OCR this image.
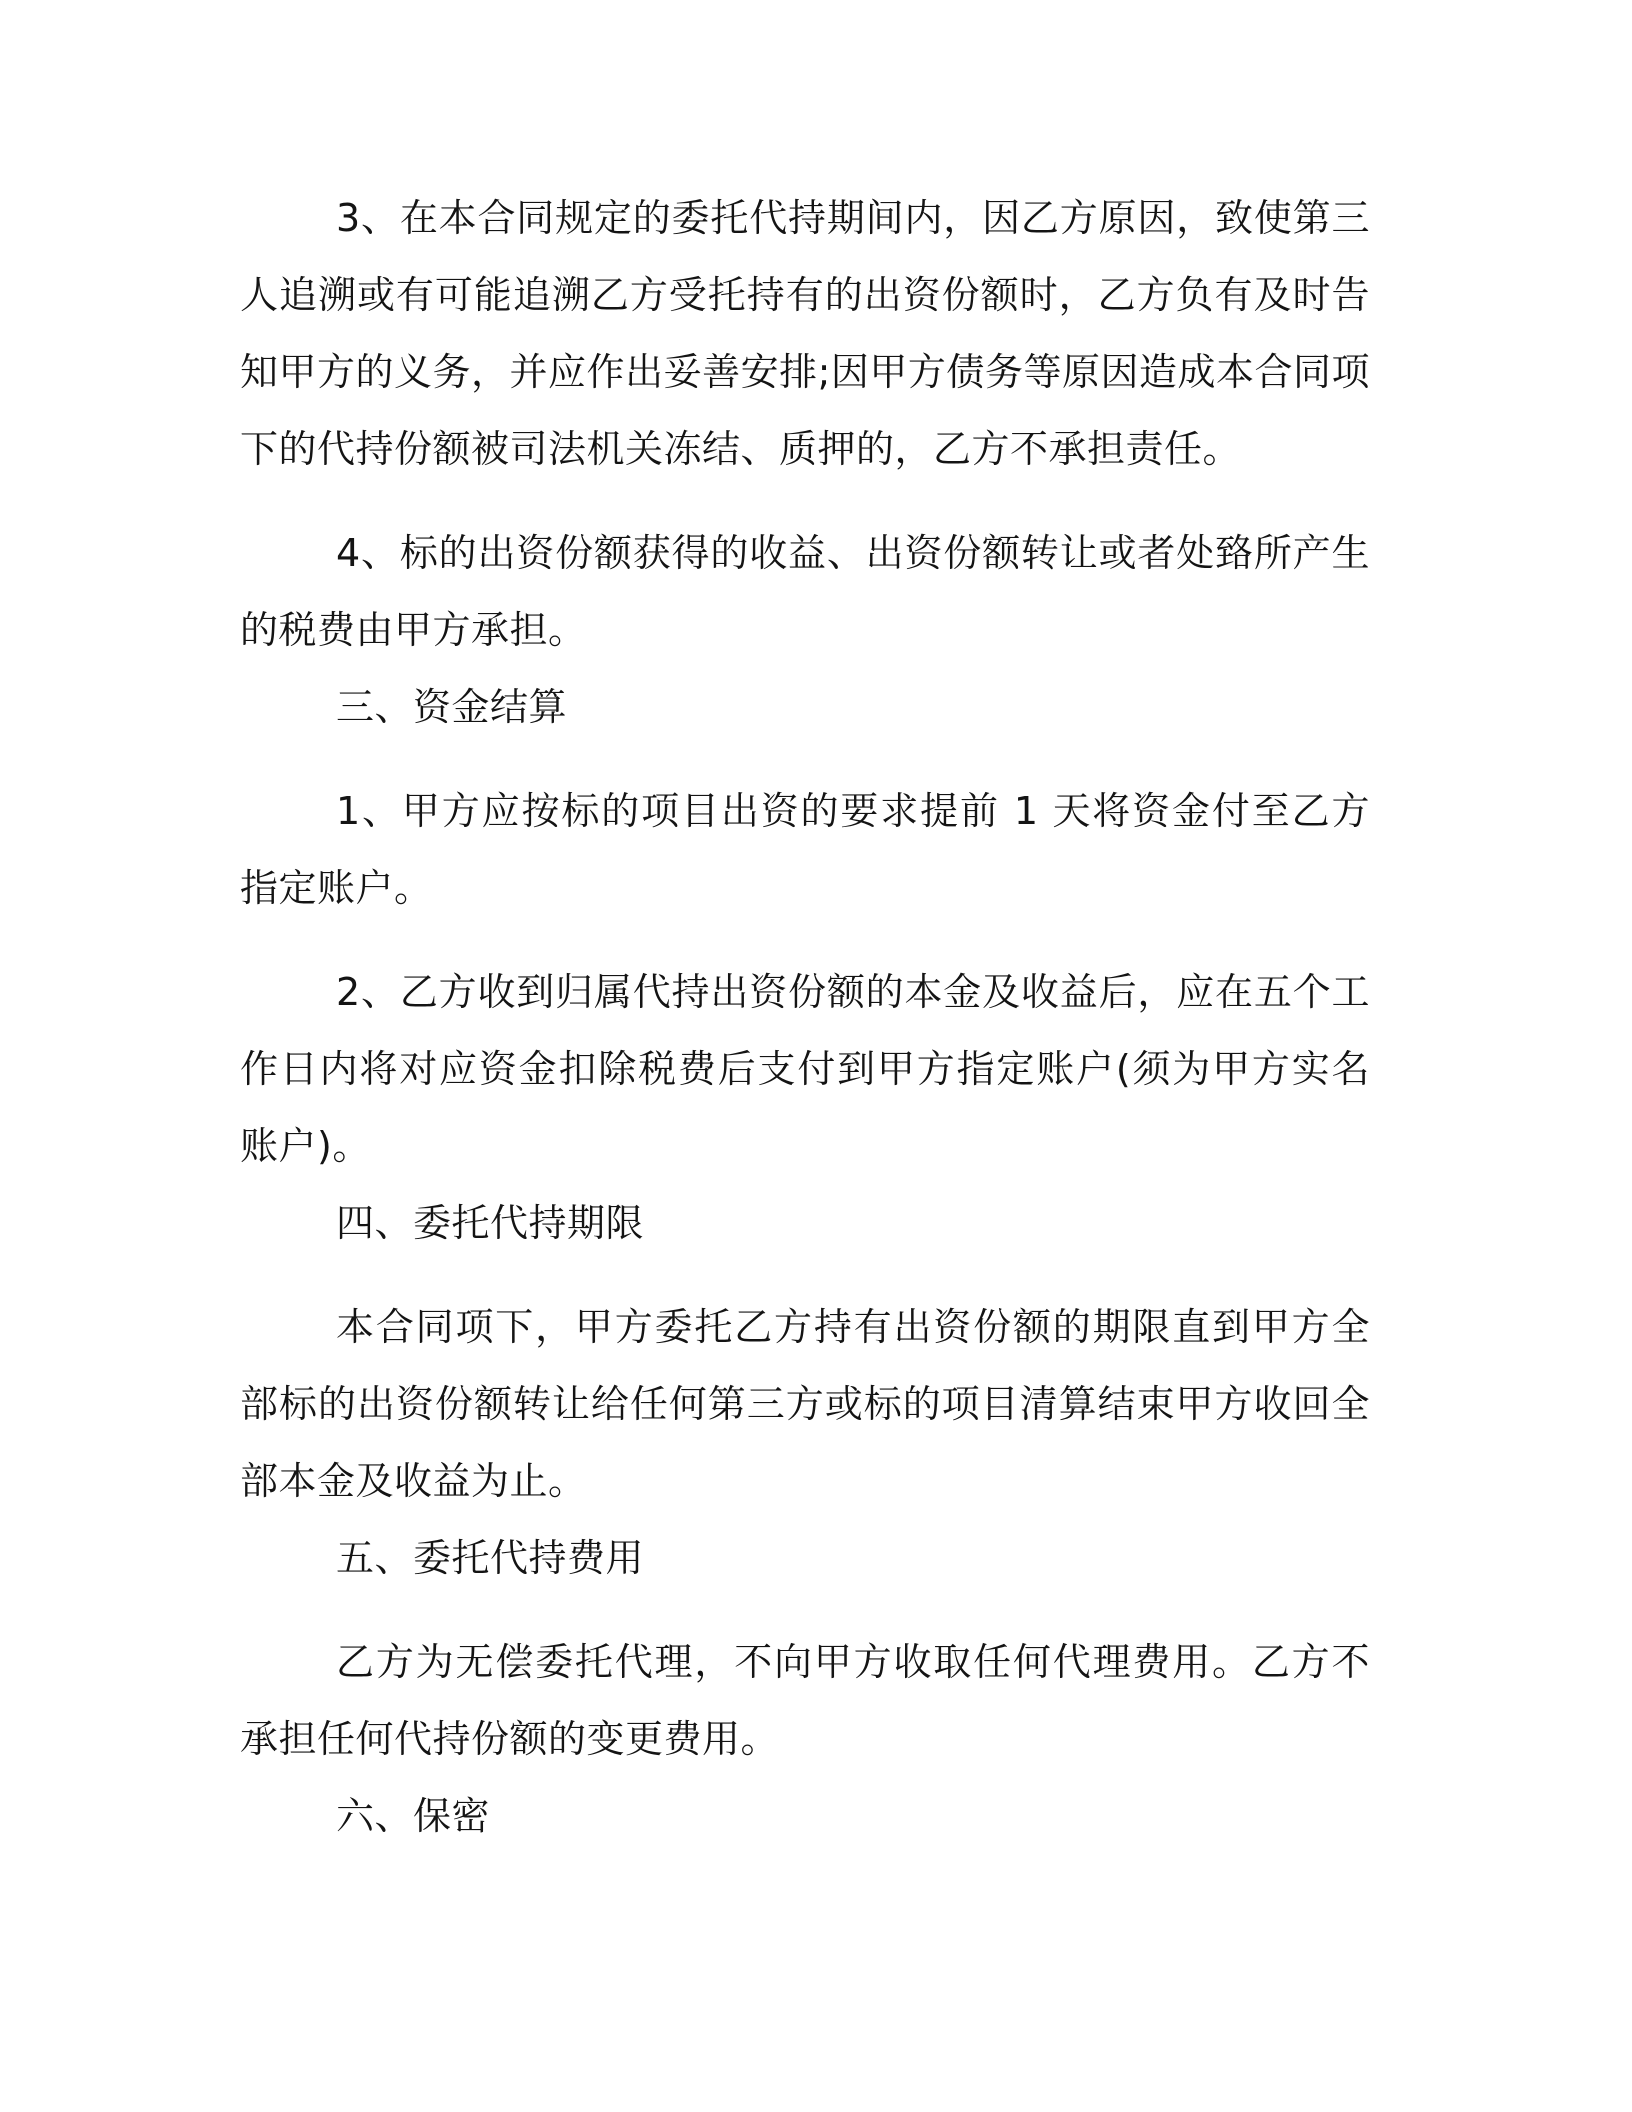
3、在本合同规定的委托代持期间内，因乙方原因，致使第三人追溯或有可能追溯乙方受托持有的出资份额时，乙方负有及时告知甲方的义务，并应作出妥善安排;因甲方债务等原因造成本合同项下的代持份额被司法机关冻结、质押的，乙方不承担责任。

4、标的出资份额获得的收益、出资份额转让或者处臵所产生的税费由甲方承担。

三、资金结算

1、甲方应按标的项目出资的要求提前 1 天将资金付至乙方指定账户。

2、乙方收到归属代持出资份额的本金及收益后，应在五个工作日内将对应资金扣除税费后支付到甲方指定账户(须为甲方实名账户)。

四、委托代持期限

本合同项下，甲方委托乙方持有出资份额的期限直到甲方全部标的出资份额转让给任何第三方或标的项目清算结束甲方收回全部本金及收益为止。

五、委托代持费用

乙方为无偿委托代理，不向甲方收取任何代理费用。乙方不承担任何代持份额的变更费用。

六、保密
